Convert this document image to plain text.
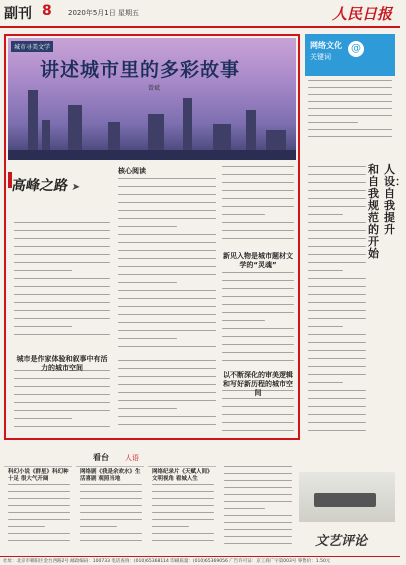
副刊 8 2020年5月1日 星期五	人民日报
城市寻美文学
讲述城市里的多彩故事
曾斌
高峰之路➤
核心阅读
新见入物是城市题材文学的“灵魂”
以不断深化的审美逻辑和写好新历程的城市空间
城市是作家体验和叙事中有活力的城市空间
网络文化
关键词
@
人设：自我提升
和自我规范的开始
看台 人语
科幻小说《群星》科幻种十足 很大气开阔
网络剧《我是余欢水》生活喜剧 观照当地
网络纪录片《天赋人间》文明视角 看城人生
文艺评论
社址：北京市朝阳区金台西路2号 邮政编码：100733 电话查询：(010)65368114 印刷质量：(010)65369056 广告许可证：京工商广字第003号 零售价：1.50元
